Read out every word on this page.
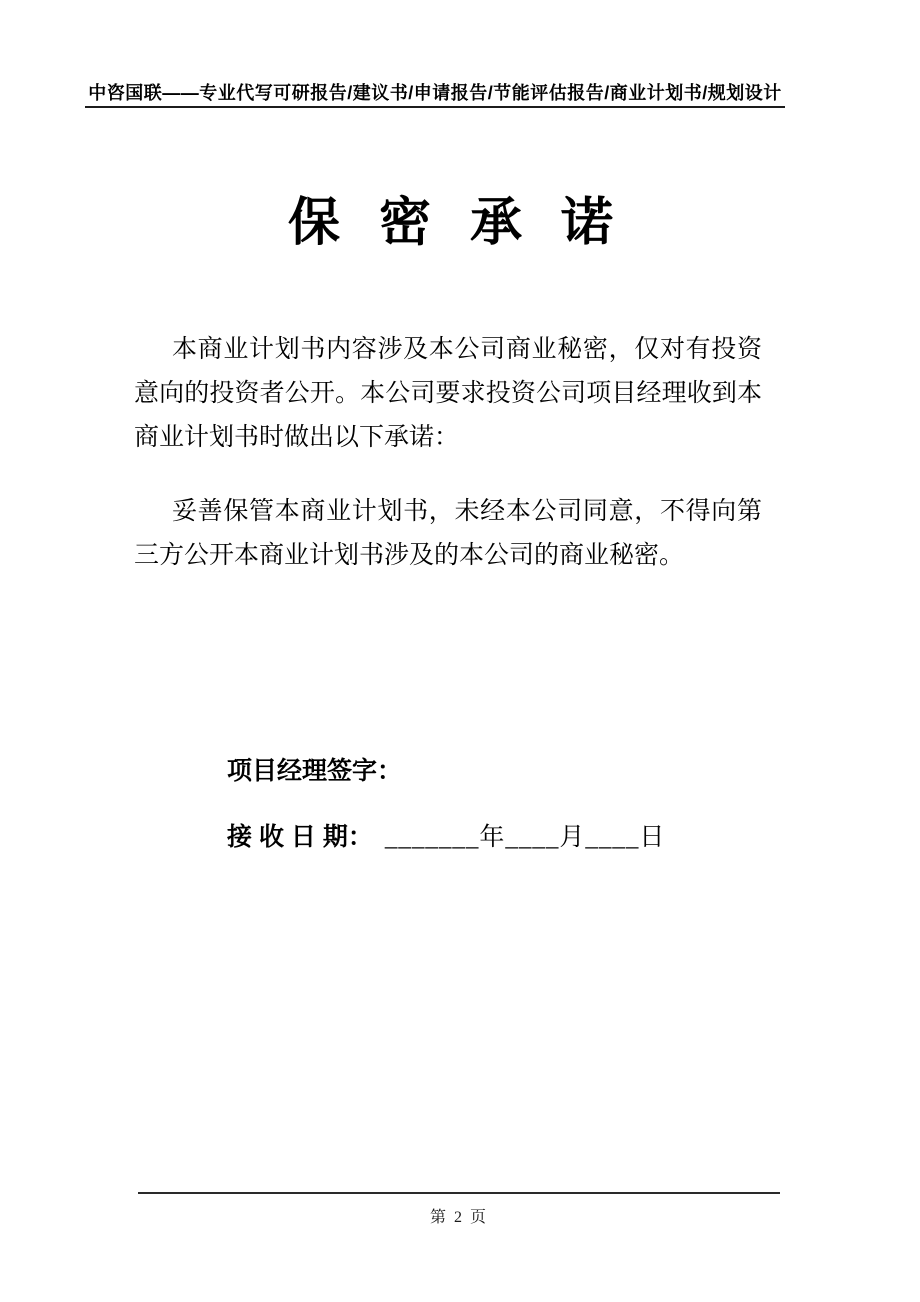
中咨国联——专业代写可研报告/建议书/申请报告/节能评估报告/商业计划书/规划设计
保密承诺

本商业计划书内容涉及本公司商业秘密，仅对有投资意向的投资者公开。本公司要求投资公司项目经理收到本商业计划书时做出以下承诺：

妥善保管本商业计划书，未经本公司同意，不得向第三方公开本商业计划书涉及的本公司的商业秘密。

项目经理签字：
接 收 日 期： _______年____月____日
第 2 页
